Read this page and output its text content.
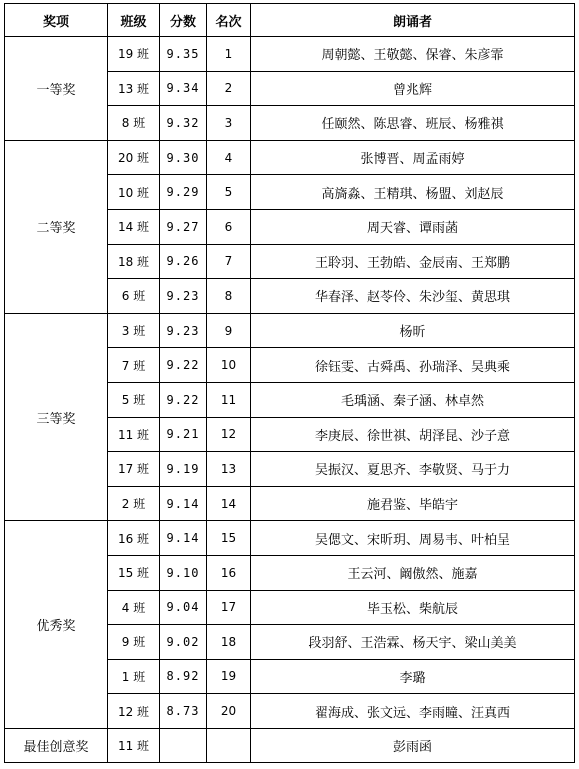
奖项	班级	分数	名次	朗诵者
一等奖	19 班	9.35	1	周朝懿、王敬懿、保睿、朱彦霏
	13 班	9.34	2	曾兆辉
	8 班	9.32	3	任颐然、陈思睿、班辰、杨雅祺
二等奖	20 班	9.30	4	张博晋、周孟雨婷
	10 班	9.29	5	高旖淼、王精琪、杨盟、刘赵辰
	14 班	9.27	6	周天睿、谭雨菡
	18 班	9.26	7	王聆羽、王勃皓、金辰南、王郑鹏
	6 班	9.23	8	华春泽、赵苓伶、朱沙玺、黄思琪
三等奖	3 班	9.23	9	杨昕
	7 班	9.22	10	徐钰雯、古舜禹、孙瑞泽、吴典乘
	5 班	9.22	11	毛瑀涵、秦子涵、林卓然
	11 班	9.21	12	李庚辰、徐世祺、胡泽昆、沙子意
	17 班	9.19	13	吴振汉、夏思齐、李敬贤、马于力
	2 班	9.14	14	施君鉴、毕皓宇
优秀奖	16 班	9.14	15	吴偲文、宋昕玥、周易韦、叶柏呈
	15 班	9.10	16	王云河、阚傲然、施嘉
	4 班	9.04	17	毕玉松、柴航辰
	9 班	9.02	18	段羽舒、王浩霖、杨天宇、梁山美美
	1 班	8.92	19	李璐
	12 班	8.73	20	翟海成、张文远、李雨瞳、汪真西
最佳创意奖	11 班			彭雨函
